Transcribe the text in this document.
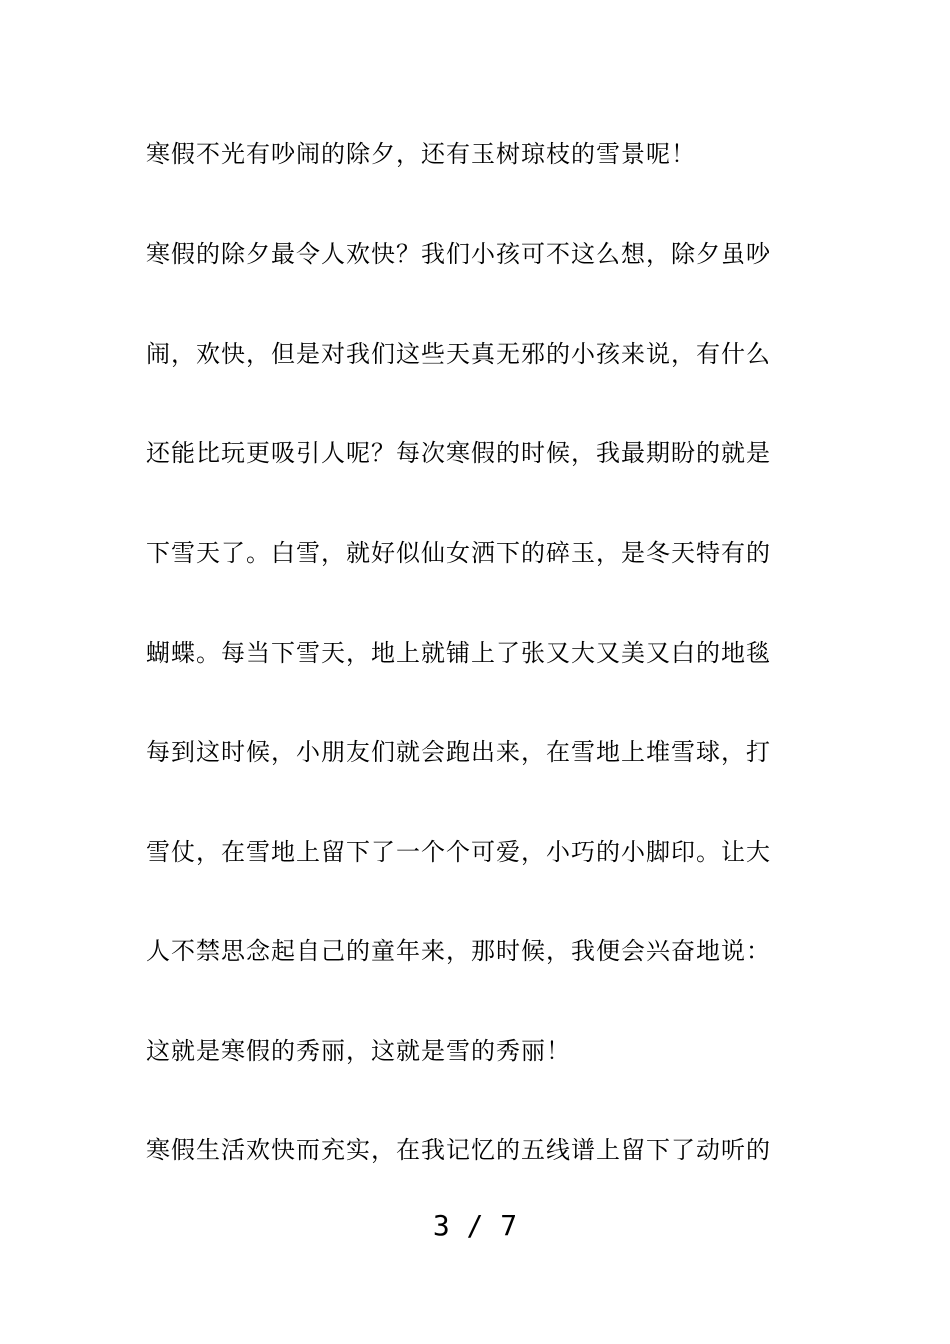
寒假不光有吵闹的除夕，还有玉树琼枝的雪景呢！
寒假的除夕最令人欢快？我们小孩可不这么想，除夕虽吵
闹，欢快，但是对我们这些天真无邪的小孩来说，有什么
还能比玩更吸引人呢？每次寒假的时候，我最期盼的就是
下雪天了。白雪，就好似仙女洒下的碎玉，是冬天特有的
蝴蝶。每当下雪天，地上就铺上了张又大又美又白的地毯
每到这时候，小朋友们就会跑出来，在雪地上堆雪球，打
雪仗，在雪地上留下了一个个可爱，小巧的小脚印。让大
人不禁思念起自己的童年来，那时候，我便会兴奋地说：
这就是寒假的秀丽，这就是雪的秀丽！
寒假生活欢快而充实，在我记忆的五线谱上留下了动听的
3 / 7
